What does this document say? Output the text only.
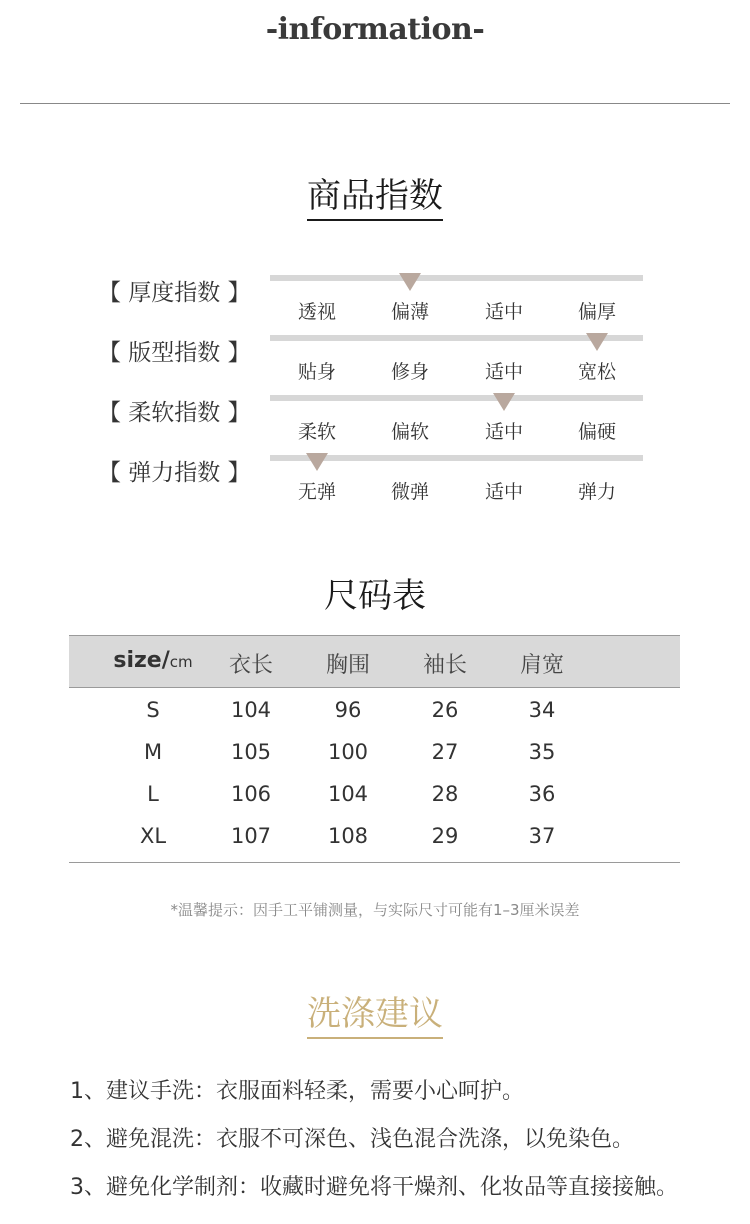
-information-
商品指数
【 厚度指数 】
透视	偏薄	适中	偏厚
【 版型指数 】
贴身	修身	适中	宽松
【 柔软指数 】
柔软	偏软	适中	偏硬
【 弹力指数 】
无弹	微弹	适中	弹力
尺码表
size/cm	衣长	胸围	袖长	肩宽
S	104	96	26	34
M	105	100	27	35
L	106	104	28	36
XL	107	108	29	37
*温馨提示：因手工平铺测量，与实际尺寸可能有1–3厘米误差
洗涤建议
1、建议手洗：衣服面料轻柔，需要小心呵护。
2、避免混洗：衣服不可深色、浅色混合洗涤，以免染色。
3、避免化学制剂：收藏时避免将干燥剂、化妆品等直接接触。
